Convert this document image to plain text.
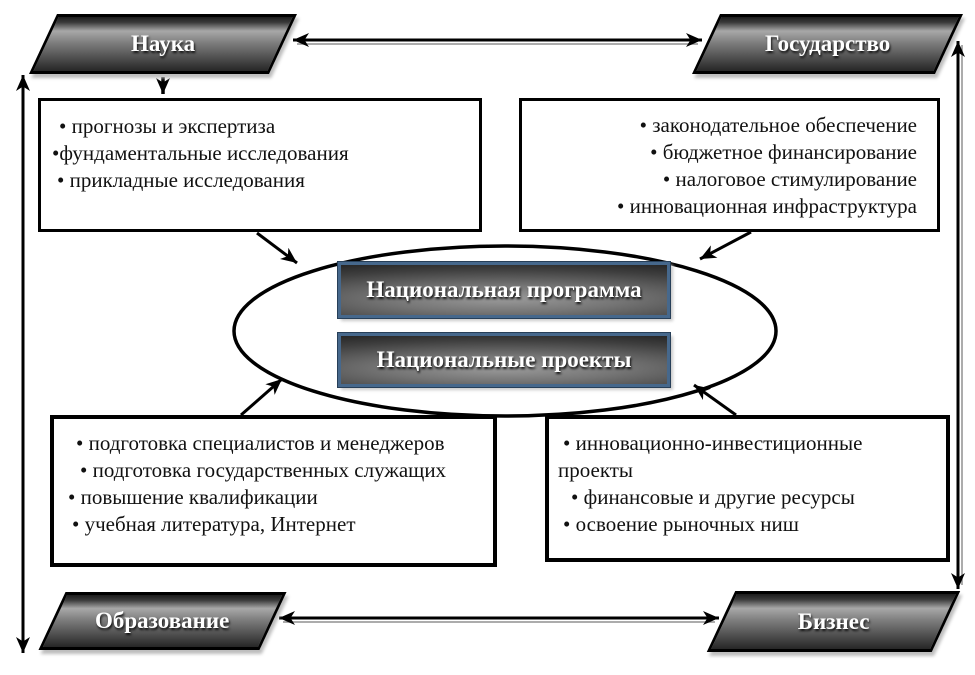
Наука	Государство
Образование	Бизнес
• прогнозы и экспертиза
•фундаментальные исследования
• прикладные исследования
• законодательное обеспечение
• бюджетное финансирование
• налоговое стимулирование
• инновационная инфраструктура
• подготовка специалистов и менеджеров
• подготовка государственных служащих
• повышение квалификации
• учебная литература, Интернет
• инновационно-инвестиционные
проекты
• финансовые и другие ресурсы
• освоение рыночных ниш
Национальная программа
Национальные проекты
